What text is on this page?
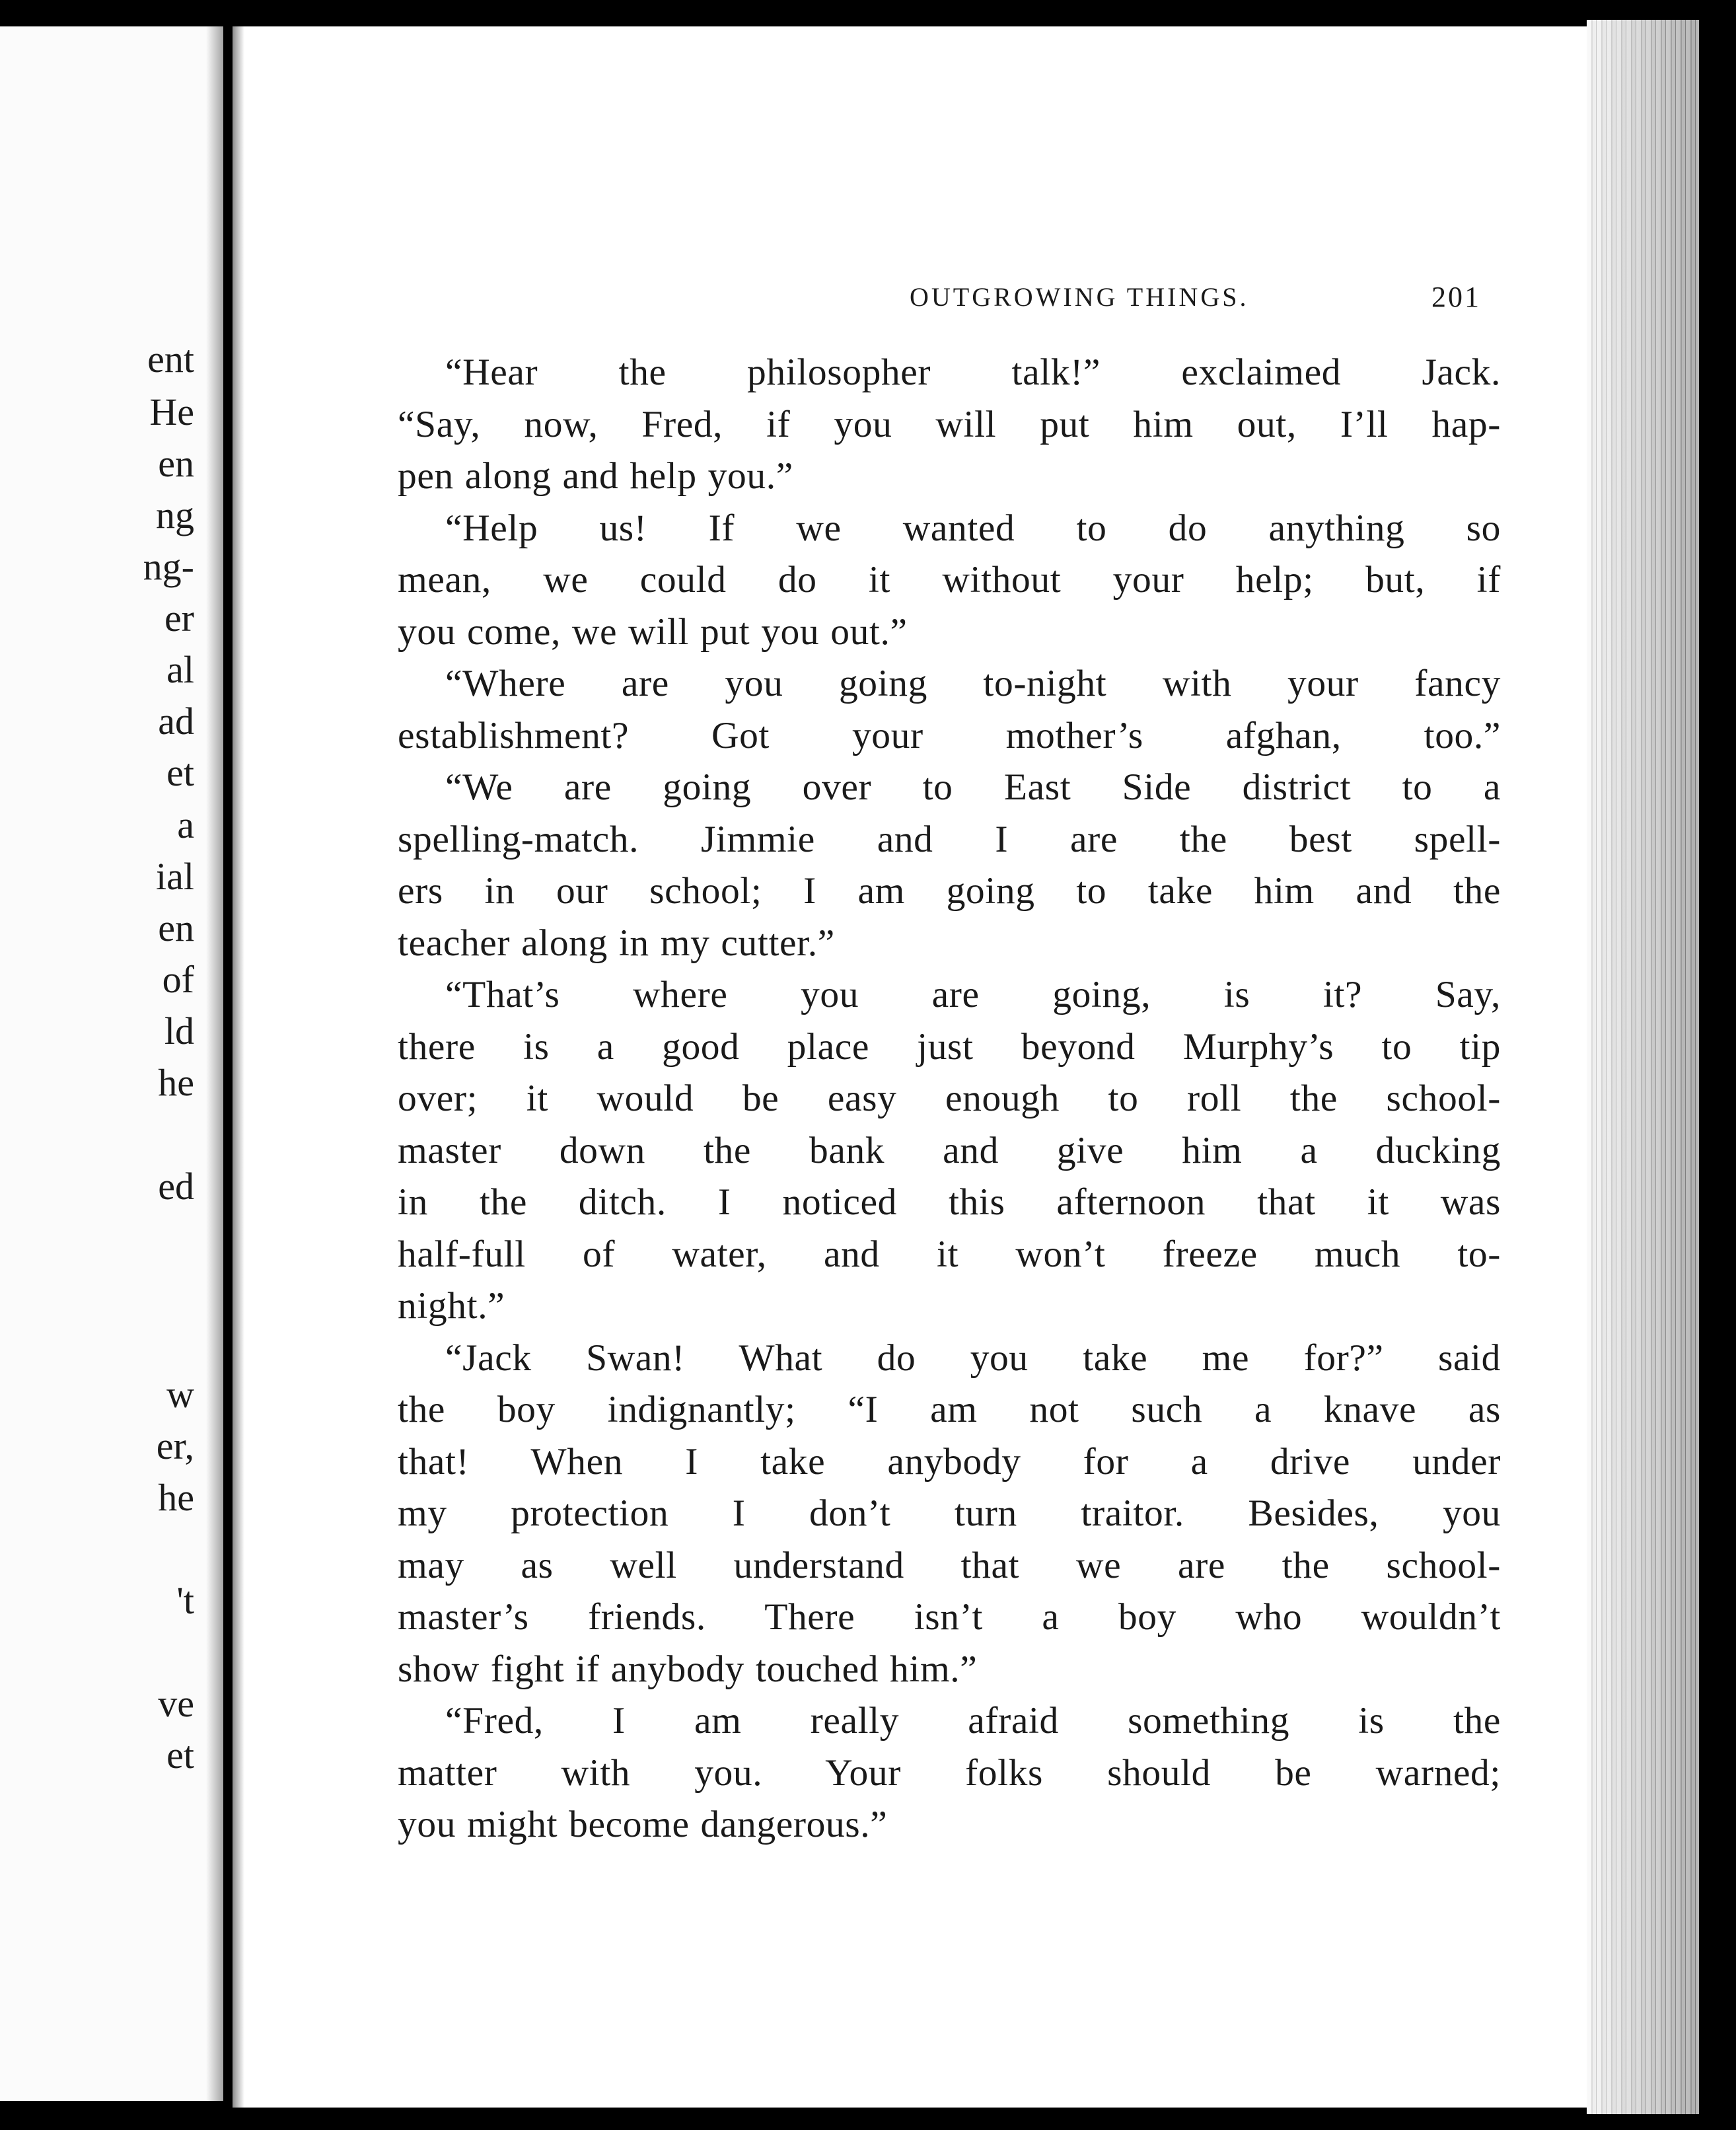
ent
He
en
ng
ng-
er
al
ad
et
a
ial
en
of
ld
he
ed
w
er,
he
't
ve
et
OUTGROWING THINGS.	201
“Hear the philosopher talk!” exclaimed Jack.
“Say, now, Fred, if you will put him out, I’ll hap-
pen along and help you.”
“Help us! If we wanted to do anything so
mean, we could do it without your help; but, if
you come, we will put you out.”
“Where are you going to-night with your fancy
establishment? Got your mother’s afghan, too.”
“We are going over to East Side district to a
spelling-match. Jimmie and I are the best spell-
ers in our school; I am going to take him and the
teacher along in my cutter.”
“That’s where you are going, is it? Say,
there is a good place just beyond Murphy’s to tip
over; it would be easy enough to roll the school-
master down the bank and give him a ducking
in the ditch. I noticed this afternoon that it was
half-full of water, and it won’t freeze much to-
night.”
“Jack Swan! What do you take me for?” said
the boy indignantly; “I am not such a knave as
that! When I take anybody for a drive under
my protection I don’t turn traitor. Besides, you
may as well understand that we are the school-
master’s friends. There isn’t a boy who wouldn’t
show fight if anybody touched him.”
“Fred, I am really afraid something is the
matter with you. Your folks should be warned;
you might become dangerous.”
